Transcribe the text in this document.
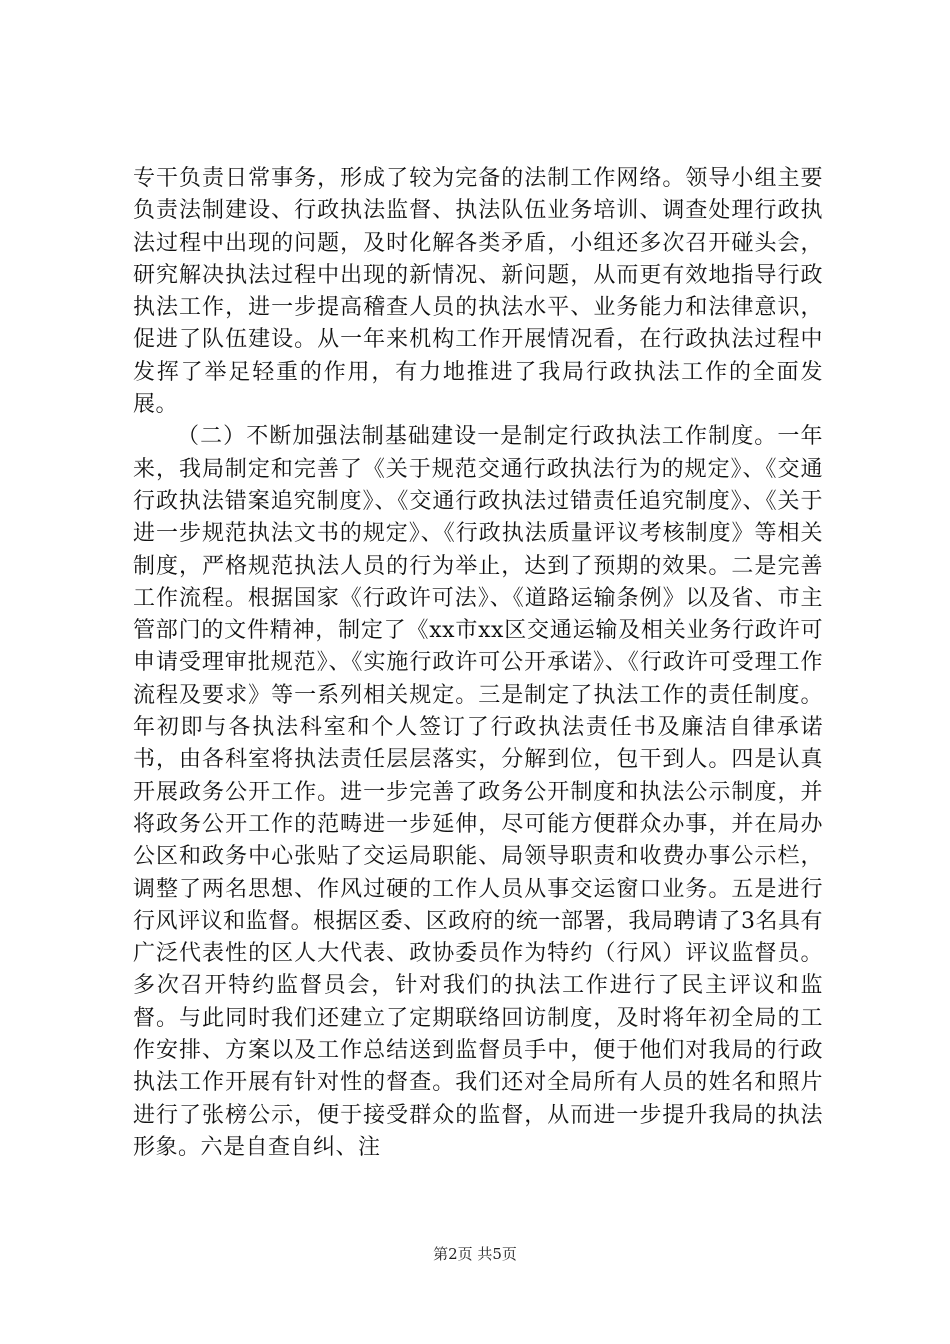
专干负责日常事务，形成了较为完备的法制工作网络。领导小组主要负责法制建设、行政执法监督、执法队伍业务培训、调查处理行政执法过程中出现的问题，及时化解各类矛盾，小组还多次召开碰头会，研究解决执法过程中出现的新情况、新问题，从而更有效地指导行政执法工作，进一步提高稽查人员的执法水平、业务能力和法律意识，促进了队伍建设。从一年来机构工作开展情况看，在行政执法过程中发挥了举足轻重的作用，有力地推进了我局行政执法工作的全面发展。

（二）不断加强法制基础建设一是制定行政执法工作制度。一年来，我局制定和完善了《关于规范交通行政执法行为的规定》、《交通行政执法错案追究制度》、《交通行政执法过错责任追究制度》、《关于进一步规范执法文书的规定》、《行政执法质量评议考核制度》等相关制度，严格规范执法人员的行为举止，达到了预期的效果。二是完善工作流程。根据国家《行政许可法》、《道路运输条例》以及省、市主管部门的文件精神，制定了《xx市xx区交通运输及相关业务行政许可申请受理审批规范》、《实施行政许可公开承诺》、《行政许可受理工作流程及要求》等一系列相关规定。三是制定了执法工作的责任制度。年初即与各执法科室和个人签订了行政执法责任书及廉洁自律承诺书，由各科室将执法责任层层落实，分解到位，包干到人。四是认真开展政务公开工作。进一步完善了政务公开制度和执法公示制度，并将政务公开工作的范畴进一步延伸，尽可能方便群众办事，并在局办公区和政务中心张贴了交运局职能、局领导职责和收费办事公示栏，调整了两名思想、作风过硬的工作人员从事交运窗口业务。五是进行行风评议和监督。根据区委、区政府的统一部署，我局聘请了3名具有广泛代表性的区人大代表、政协委员作为特约（行风）评议监督员。多次召开特约监督员会，针对我们的执法工作进行了民主评议和监督。与此同时我们还建立了定期联络回访制度，及时将年初全局的工作安排、方案以及工作总结送到监督员手中，便于他们对我局的行政执法工作开展有针对性的督查。我们还对全局所有人员的姓名和照片进行了张榜公示，便于接受群众的监督，从而进一步提升我局的执法形象。六是自查自纠、注

第2页 共5页
